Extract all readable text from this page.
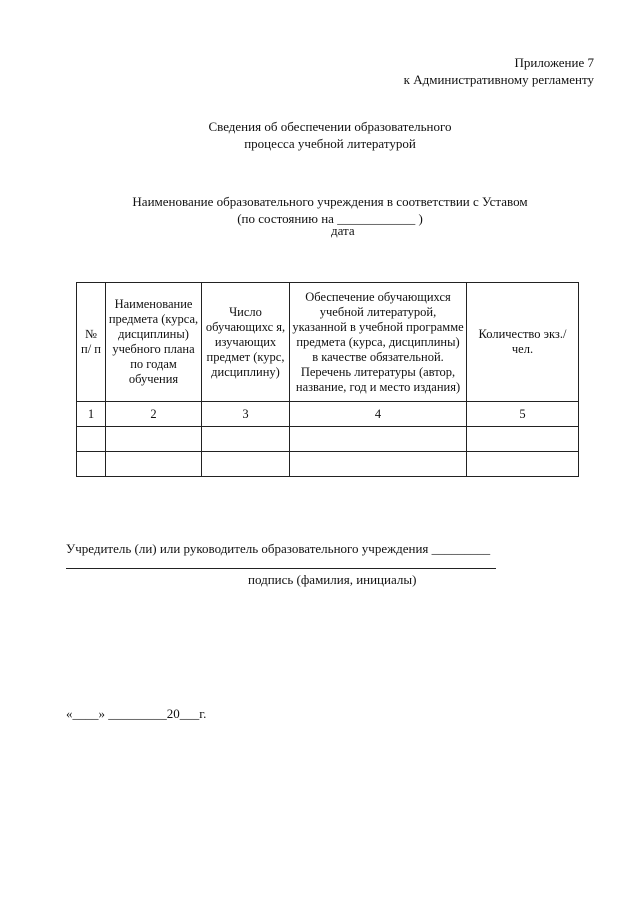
Приложение 7
к Административному регламенту
Сведения об обеспечении образовательного
процесса учебной литературой
Наименование образовательного учреждения в соответствии с Уставом
(по состоянию на ____________ )
дата
№ п/ п	Наименование предмета (курса, дисциплины) учебного плана по годам обучения	Число обучающихс я, изучающих предмет (курс, дисциплину)	Обеспечение обучающихся учебной литературой, указанной в учебной программе предмета (курса, дисциплины) в качестве обязательной. Перечень литературы (автор, название, год и место издания)	Количество экз./чел.
1	2	3	4	5

Учредитель (ли) или руководитель образовательного учреждения _________
подпись (фамилия, инициалы)
«____» _________20___г.
